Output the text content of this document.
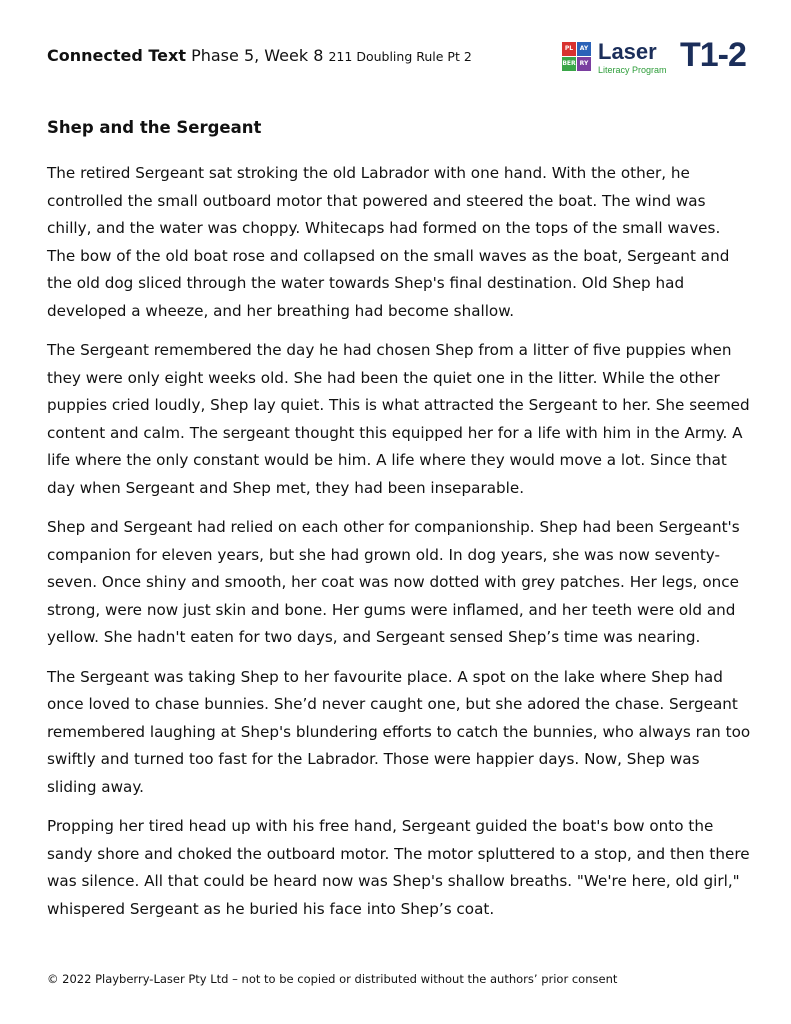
Connected Text Phase 5, Week 8 211 Doubling Rule Pt 2
PL	AY
BER RY Laser
Literacy Program T1-2
Shep and the Sergeant

The retired Sergeant sat stroking the old Labrador with one hand. With the other, he controlled the small outboard motor that powered and steered the boat. The wind was chilly, and the water was choppy. Whitecaps had formed on the tops of the small waves. The bow of the old boat rose and collapsed on the small waves as the boat, Sergeant and the old dog sliced through the water towards Shep's final destination. Old Shep had developed a wheeze, and her breathing had become shallow.

The Sergeant remembered the day he had chosen Shep from a litter of five puppies when they were only eight weeks old. She had been the quiet one in the litter. While the other puppies cried loudly, Shep lay quiet. This is what attracted the Sergeant to her. She seemed content and calm. The sergeant thought this equipped her for a life with him in the Army. A life where the only constant would be him. A life where they would move a lot. Since that day when Sergeant and Shep met, they had been inseparable.

Shep and Sergeant had relied on each other for companionship. Shep had been Sergeant's companion for eleven years, but she had grown old. In dog years, she was now seventy-seven. Once shiny and smooth, her coat was now dotted with grey patches. Her legs, once strong, were now just skin and bone. Her gums were inflamed, and her teeth were old and yellow. She hadn't eaten for two days, and Sergeant sensed Shep’s time was nearing.

The Sergeant was taking Shep to her favourite place. A spot on the lake where Shep had once loved to chase bunnies. She’d never caught one, but she adored the chase. Sergeant remembered laughing at Shep's blundering efforts to catch the bunnies, who always ran too swiftly and turned too fast for the Labrador. Those were happier days. Now, Shep was sliding away.

Propping her tired head up with his free hand, Sergeant guided the boat's bow onto the sandy shore and choked the outboard motor. The motor spluttered to a stop, and then there was silence. All that could be heard now was Shep's shallow breaths. "We're here, old girl," whispered Sergeant as he buried his face into Shep’s coat.

© 2022 Playberry-Laser Pty Ltd – not to be copied or distributed without the authors’ prior consent
